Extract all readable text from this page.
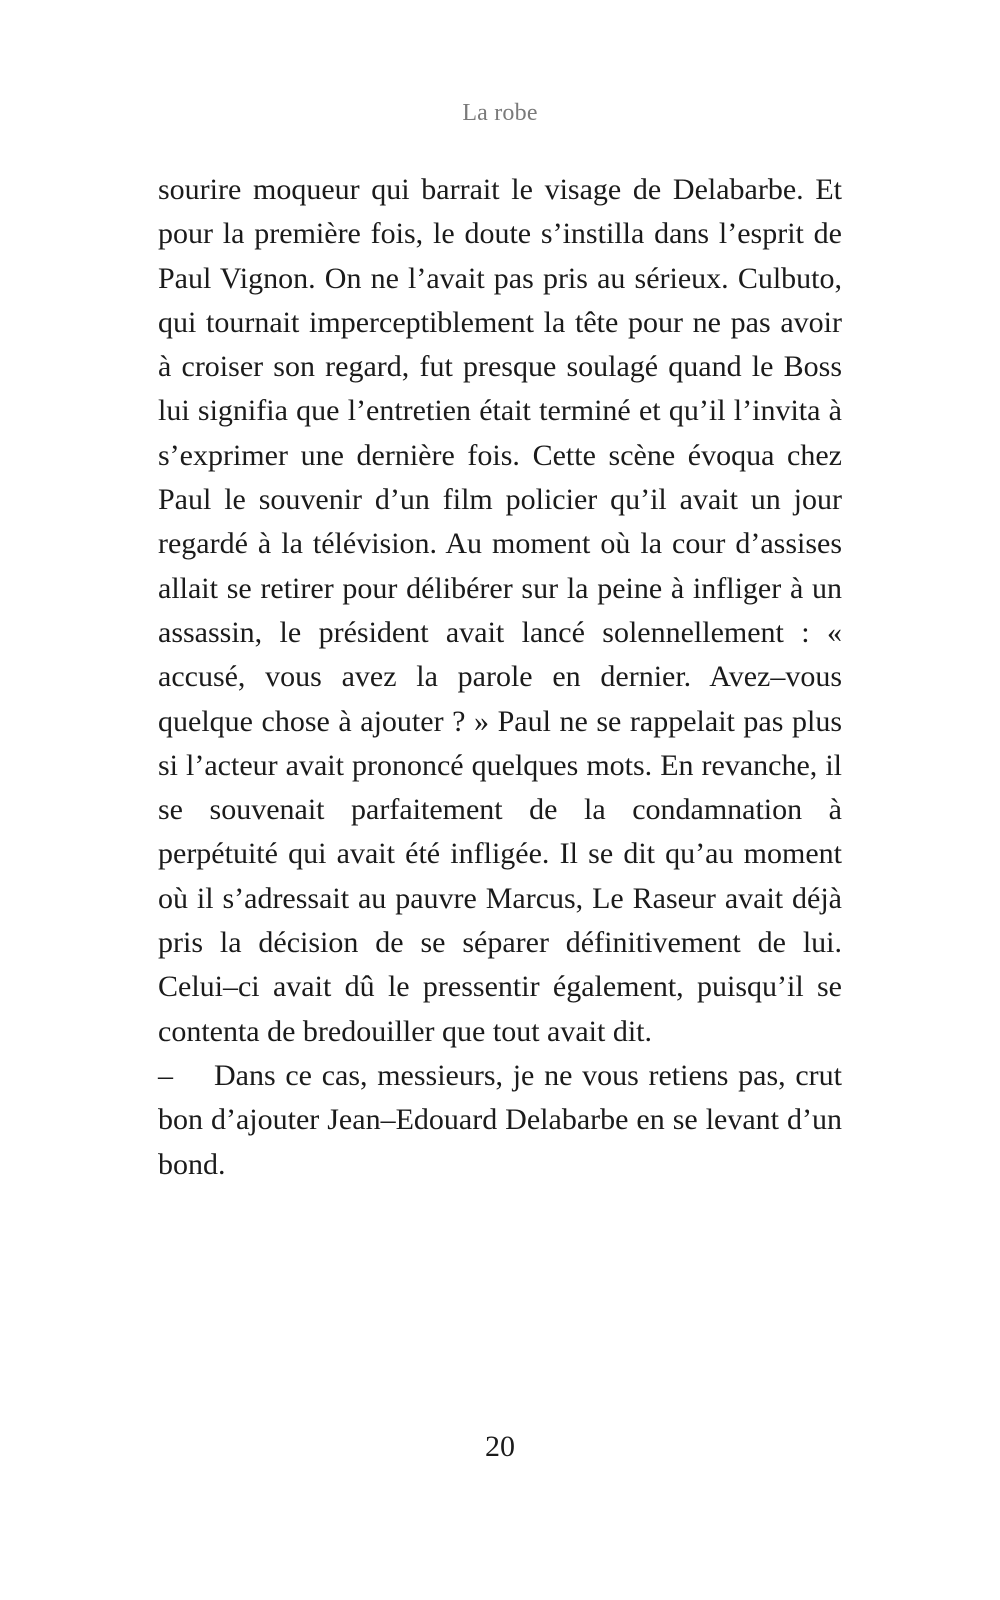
La robe

sourire moqueur qui barrait le visage de Delabarbe. Et pour la première fois, le doute s’instilla dans l’esprit de Paul Vignon. On ne l’avait pas pris au sérieux. Culbuto, qui tournait imperceptiblement la tête pour ne pas avoir à croiser son regard, fut presque soulagé quand le Boss lui signifia que l’entretien était terminé et qu’il l’invita à s’exprimer une dernière fois. Cette scène évoqua chez Paul le souvenir d’un film policier qu’il avait un jour regardé à la télévision. Au moment où la cour d’assises allait se retirer pour délibérer sur la peine à infliger à un assassin, le président avait lancé solennellement : « accusé, vous avez la parole en dernier. Avez–vous quelque chose à ajouter ? » Paul ne se rappelait pas plus si l’acteur avait prononcé quelques mots. En revanche, il se souvenait parfaitement de la condamnation à perpétuité qui avait été infligée. Il se dit qu’au moment où il s’adressait au pauvre Marcus, Le Raseur avait déjà pris la décision de se séparer définitivement de lui. Celui–ci avait dû le pressentir également, puisqu’il se contenta de bredouiller que tout avait dit.

– Dans ce cas, messieurs, je ne vous retiens pas, crut bon d’ajouter Jean–Edouard Delabarbe en se levant d’un bond.

20
